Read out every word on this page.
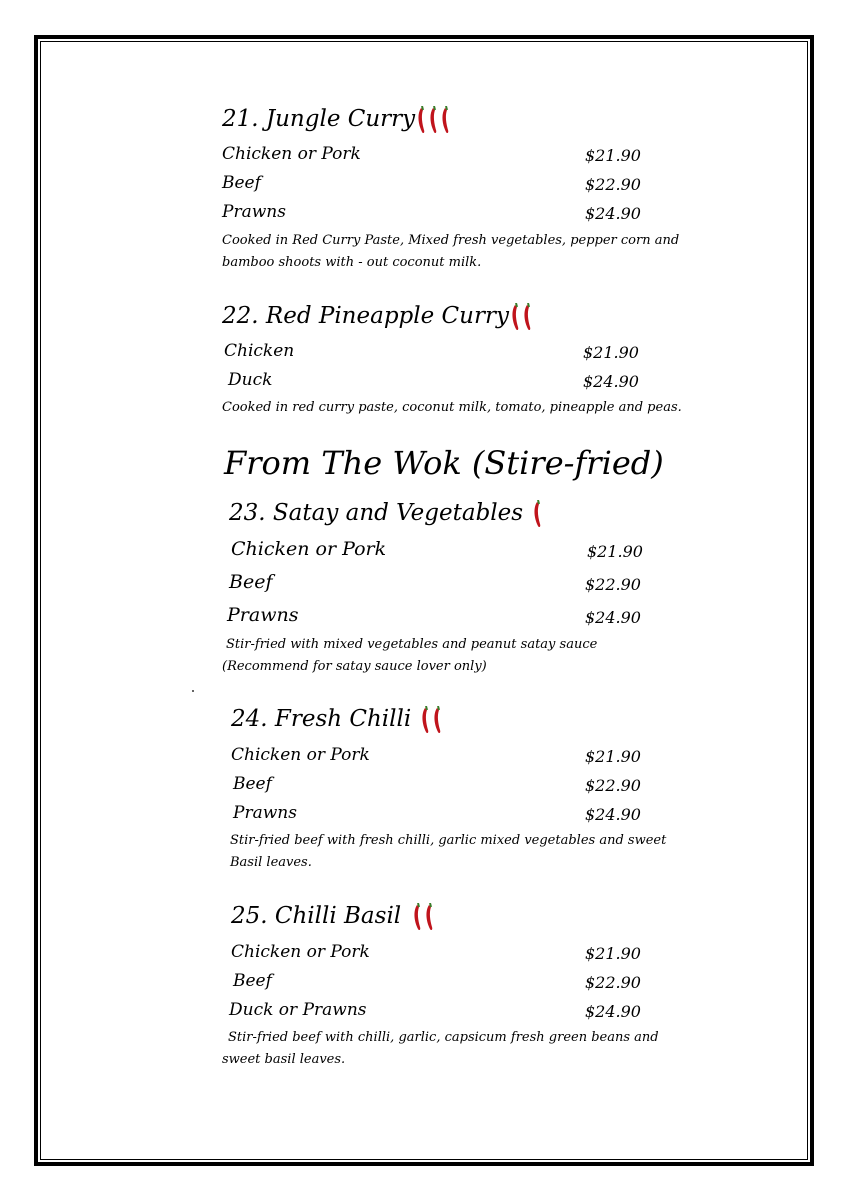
21. Jungle Curry
Chicken or Pork	$21.90
Beef	$22.90
Prawns	$24.90
Cooked in Red Curry Paste, Mixed fresh vegetables, pepper corn and
bamboo shoots with - out coconut milk.
22. Red Pineapple Curry
Chicken	$21.90
Duck	$24.90
Cooked in red curry paste, coconut milk, tomato, pineapple and peas.
From The Wok (Stire-fried)
23. Satay and Vegetables
Chicken or Pork	$21.90
Beef	$22.90
Prawns	$24.90
Stir-fried with mixed vegetables and peanut satay sauce
(Recommend for satay sauce lover only)
24. Fresh Chilli
Chicken or Pork	$21.90
Beef	$22.90
Prawns	$24.90
Stir-fried beef with fresh chilli, garlic mixed vegetables and sweet
Basil leaves.
25. Chilli Basil
Chicken or Pork	$21.90
Beef	$22.90
Duck or Prawns	$24.90
Stir-fried beef with chilli, garlic, capsicum fresh green beans and
sweet basil leaves.
